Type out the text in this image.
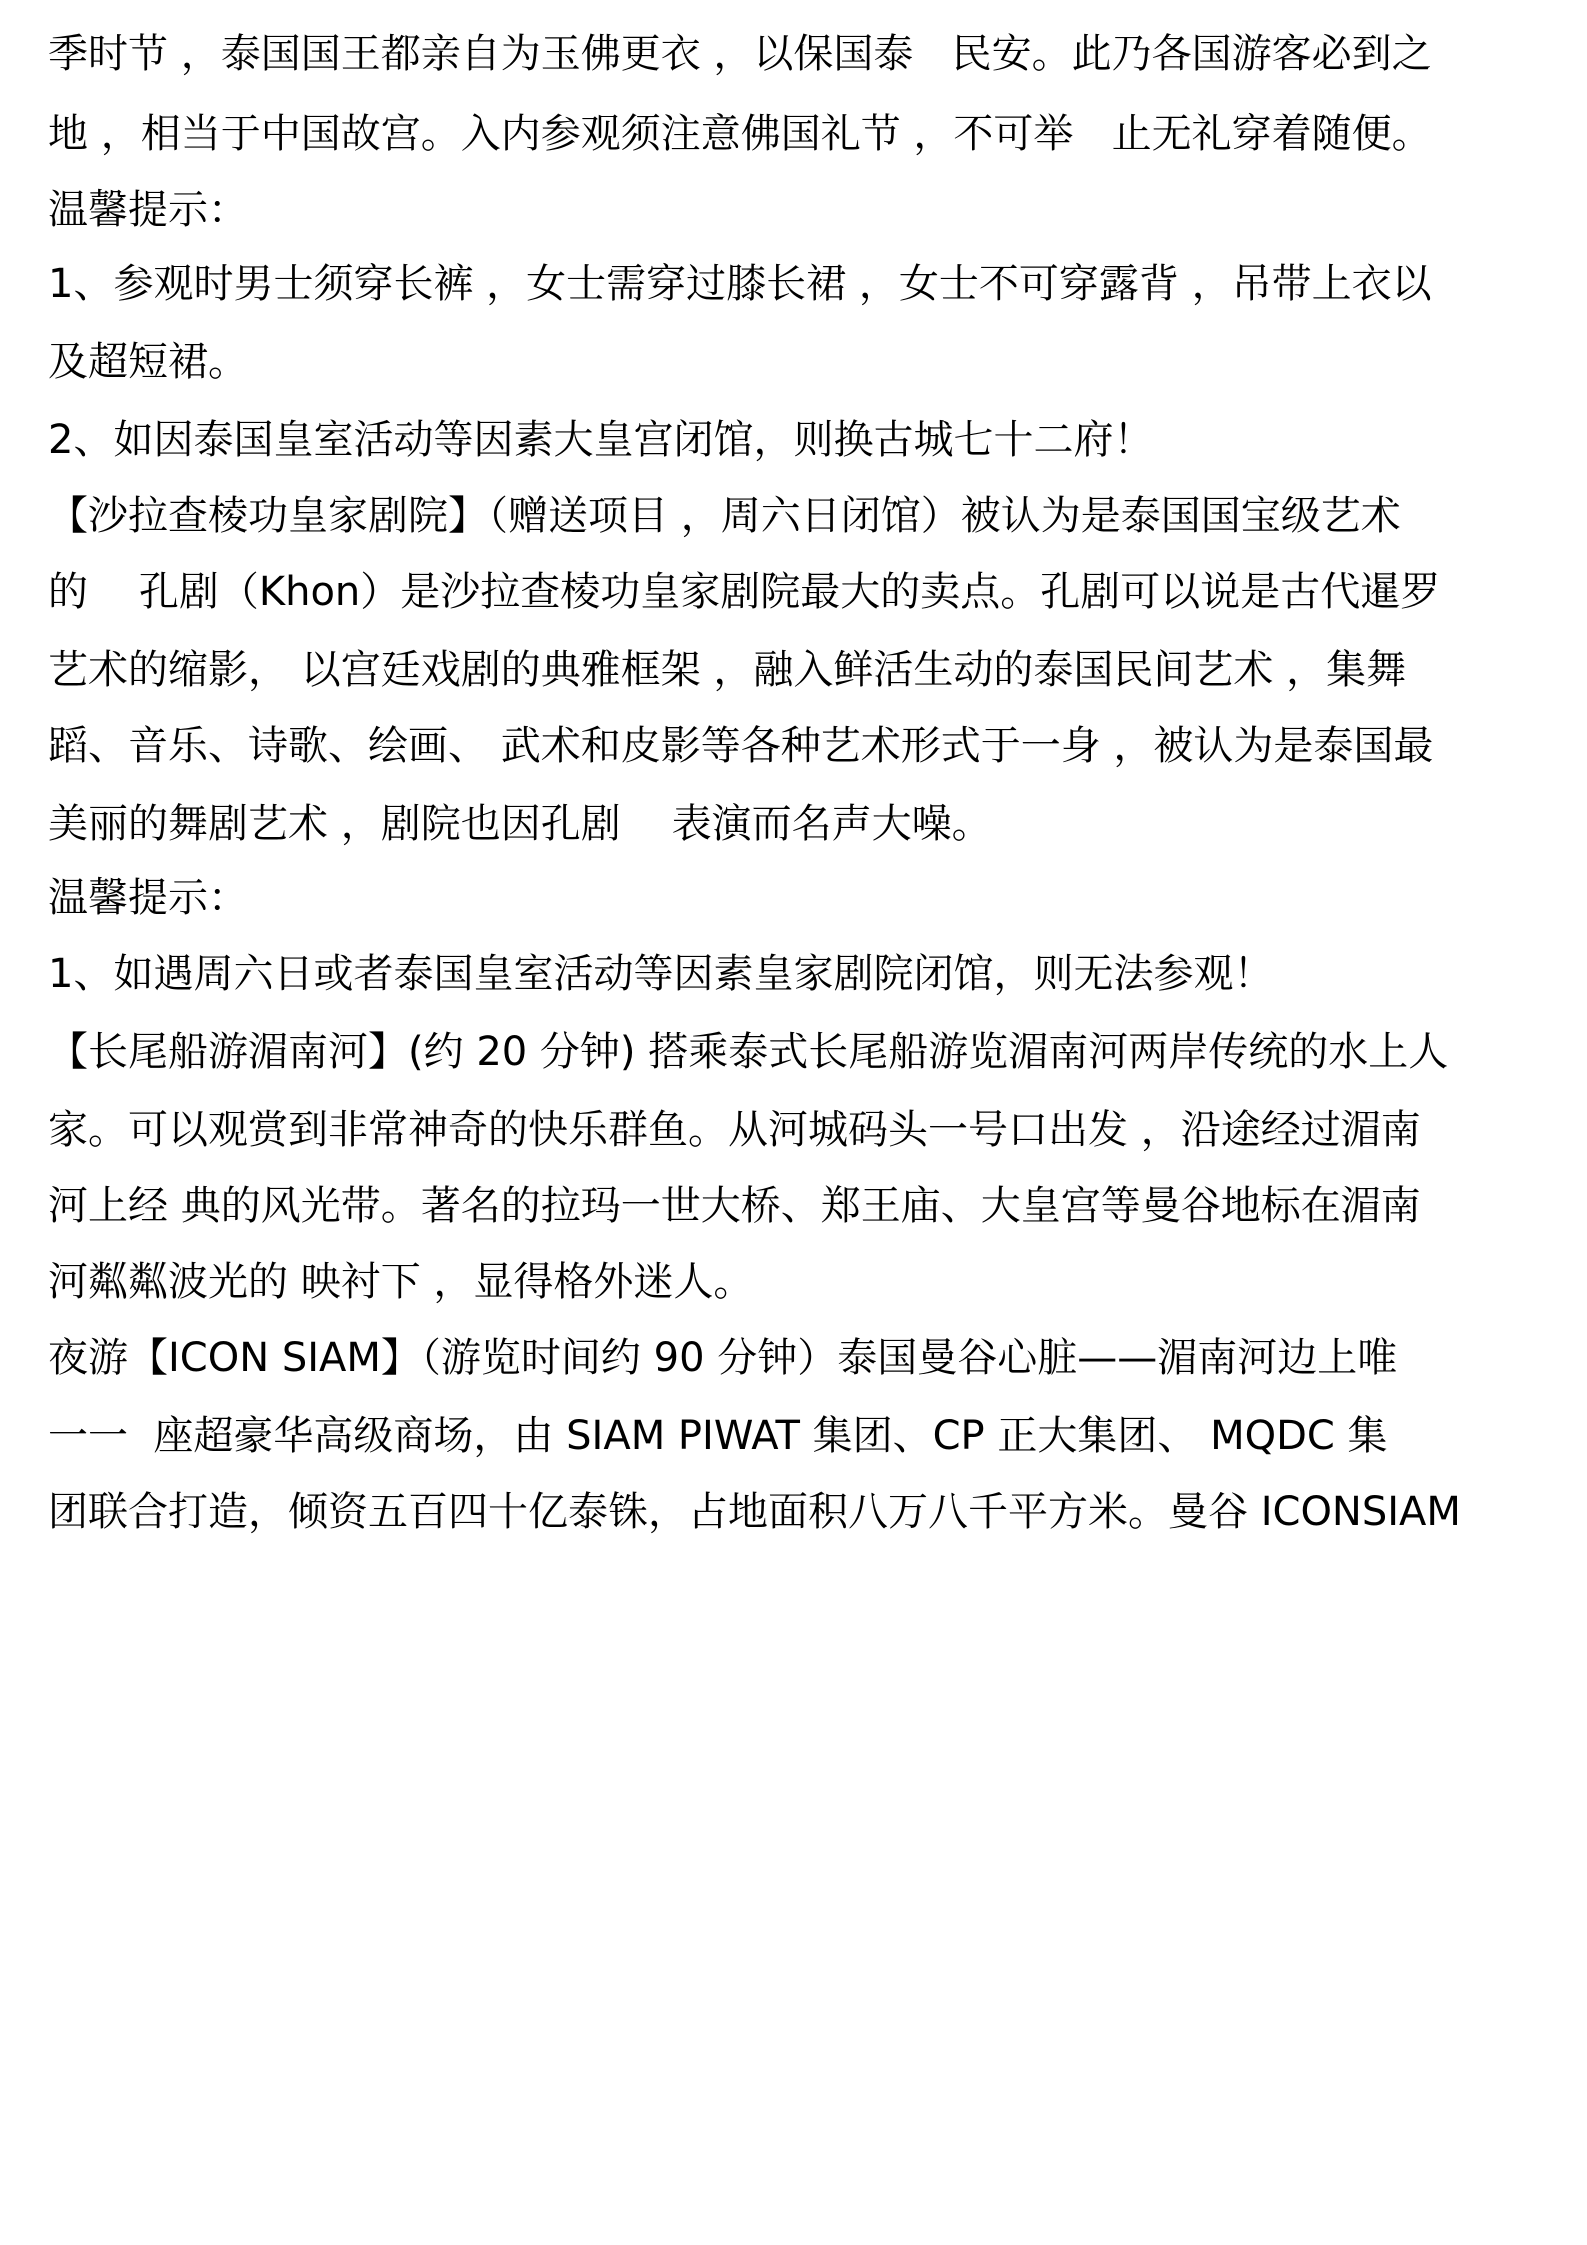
季时节 ，泰国国王都亲自为玉佛更衣 ，以保国泰   民安。此乃各国游客必到之
地 ，相当于中国故宫。入内参观须注意佛国礼节 ，不可举   止无礼穿着随便。
温馨提示：
1、参观时男士须穿长裤 ，女士需穿过膝长裙 ，女士不可穿露背 ，吊带上衣以
及超短裙。
2、如因泰国皇室活动等因素大皇宫闭馆，则换古城七十二府！
【沙拉查棱功皇家剧院】（赠送项目 ，周六日闭馆）被认为是泰国国宝级艺术
的    孔剧（Khon）是沙拉查棱功皇家剧院最大的卖点。孔剧可以说是古代暹罗
艺术的缩影， 以宫廷戏剧的典雅框架 ，融入鲜活生动的泰国民间艺术 ，集舞
蹈、音乐、诗歌、绘画、 武术和皮影等各种艺术形式于一身 ，被认为是泰国最
美丽的舞剧艺术 ，剧院也因孔剧    表演而名声大噪。
温馨提示：
1、如遇周六日或者泰国皇室活动等因素皇家剧院闭馆，则无法参观！
【长尾船游湄南河】(约 20 分钟) 搭乘泰式长尾船游览湄南河两岸传统的水上人
家。可以观赏到非常神奇的快乐群鱼。从河城码头一号口出发 ，沿途经过湄南
河上经 典的风光带。著名的拉玛一世大桥、郑王庙、大皇宫等曼谷地标在湄南
河粼粼波光的 映衬下 ，显得格外迷人。
夜游【ICON SIAM】（游览时间约 90 分钟）泰国曼谷心脏——湄南河边上唯
一一  座超豪华高级商场，由 SIAM PIWAT 集团、CP 正大集团、 MQDC 集
团联合打造，倾资五百四十亿泰铢，占地面积八万八千平方米。曼谷 ICONSIAM
